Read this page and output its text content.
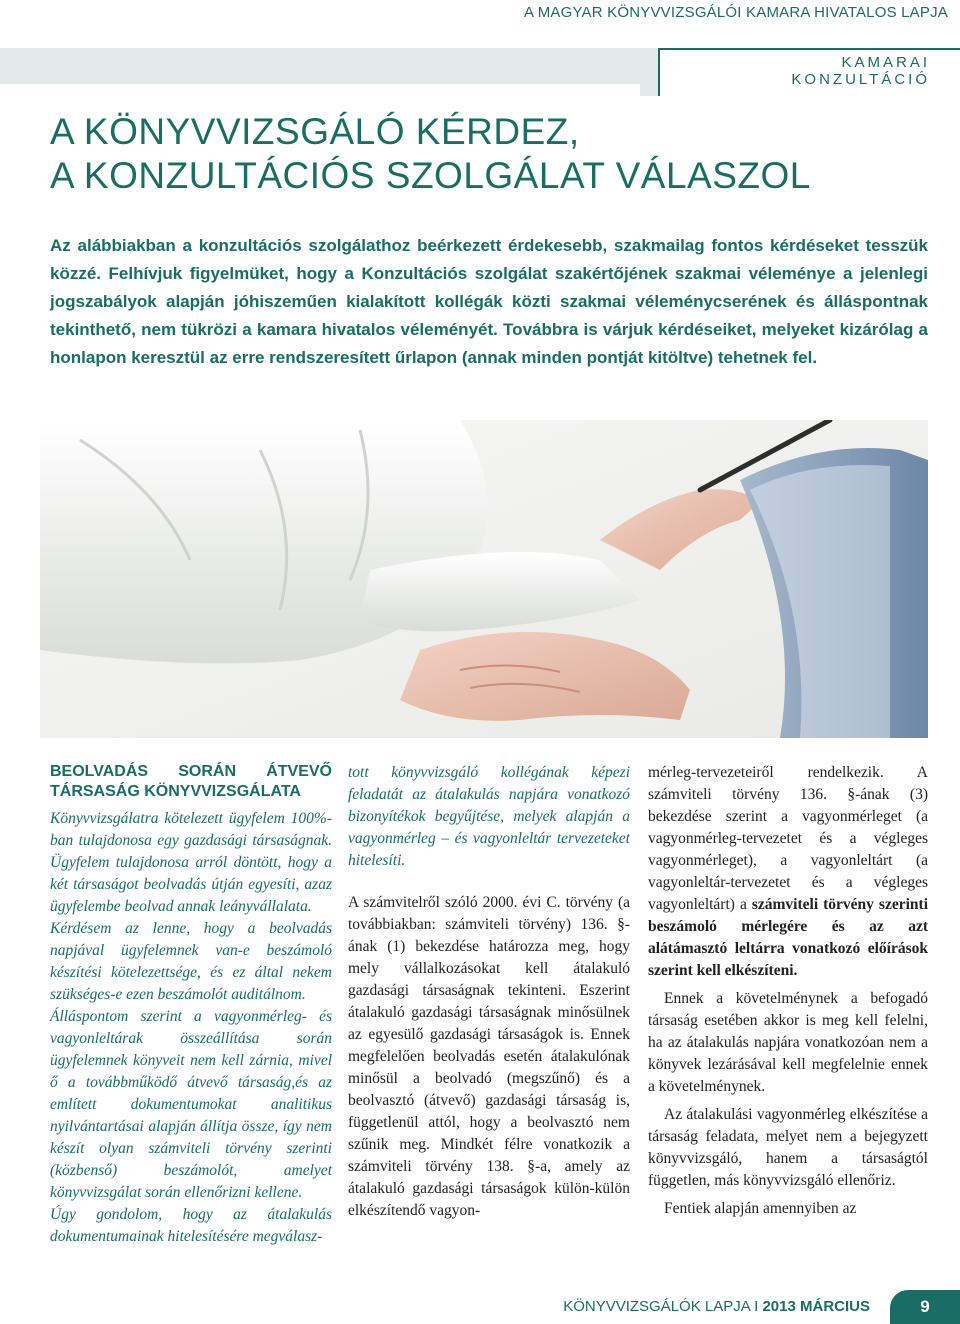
A MAGYAR KÖNYVVIZSGÁLÓI KAMARA HIVATALOS LAPJA
KAMARAI
KONZULTÁCIÓ
A KÖNYVVIZSGÁLÓ KÉRDEZ,
A KONZULTÁCIÓS SZOLGÁLAT VÁLASZOL

Az alábbiakban a konzultációs szolgálathoz beérkezett érdekesebb, szakmailag fontos kérdéseket tesszük közzé. Felhívjuk figyelmüket, hogy a Konzultációs szolgálat szakértőjének szakmai véleménye a jelenlegi jogszabályok alapján jóhiszeműen kialakított kollégák közti szakmai véleménycserének és álláspontnak tekinthető, nem tükrözi a kamara hivatalos véleményét. Továbbra is várjuk kérdéseiket, melyeket kizárólag a honlapon keresztül az erre rendszeresített űrlapon (annak minden pontját kitöltve) tehetnek fel.

BEOLVADÁS SORÁN ÁTVEVŐ TÁRSASÁG KÖNYVVIZSGÁLATA

Könyvvizsgálatra kötelezett ügyfelem 100%-ban tulajdonosa egy gazdasági társaságnak. Ügyfelem tulajdonosa arról döntött, hogy a két társaságot beolvadás útján egyesíti, azaz ügyfelembe beolvad annak leányvállalata.

Kérdésem az lenne, hogy a beolvadás napjával ügyfelemnek van-e beszámoló készítési kötelezettsége, és ez által nekem szükséges-e ezen beszámolót auditálnom.

Álláspontom szerint a vagyonmérleg- és vagyonleltárak összeállítása során ügyfelemnek könyveit nem kell zárnia, mivel ő a továbbműködő átvevő társaság,és az említett dokumentumokat analitikus nyilvántartásai alapján állítja össze, így nem készít olyan számviteli törvény szerinti (közbenső) beszámolót, amelyet könyvvizsgálat során ellenőrizni kellene.

Úgy gondolom, hogy az átalakulás dokumentumainak hitelesítésére megválasz-

tott könyvvizsgáló kollégának képezi feladatát az átalakulás napjára vonatkozó bizonyítékok begyűjtése, melyek alapján a vagyonmérleg – és vagyonleltár tervezeteket hitelesíti.

A számvitelről szóló 2000. évi C. törvény (a továbbiakban: számviteli törvény) 136. §-ának (1) bekezdése határozza meg, hogy mely vállalkozásokat kell átalakuló gazdasági társaságnak tekinteni. Eszerint átalakuló gazdasági társaságnak minősülnek az egyesülő gazdasági társaságok is. Ennek megfelelően beolvadás esetén átalakulónak minősül a beolvadó (megszűnő) és a beolvasztó (átvevő) gazdasági társaság is, függetlenül attól, hogy a beolvasztó nem szűnik meg. Mindkét félre vonatkozik a számviteli törvény 138. §-a, amely az átalakuló gazdasági társaságok külön-külön elkészítendő vagyon-

mérleg-tervezeteiről rendelkezik. A számviteli törvény 136. §-ának (3) bekezdése szerint a vagyonmérleget (a vagyonmérleg-tervezetet és a végleges vagyonmérleget), a vagyonleltárt (a vagyonleltár-tervezetet és a végleges vagyonleltárt) a számviteli törvény szerinti beszámoló mérlegére és az azt alátámasztó leltárra vonatkozó előírások szerint kell elkészíteni.

Ennek a követelménynek a befogadó társaság esetében akkor is meg kell felelni, ha az átalakulás napjára vonatkozóan nem a könyvek lezárásával kell megfelelnie ennek a követelménynek.

Az átalakulási vagyonmérleg elkészítése a társaság feladata, melyet nem a bejegyzett könyvvizsgáló, hanem a társaságtól független, más könyvvizsgáló ellenőriz.

Fentiek alapján amennyiben az

KÖNYVVIZSGÁLÓK LAPJA I 2013 MÁRCIUS	9
